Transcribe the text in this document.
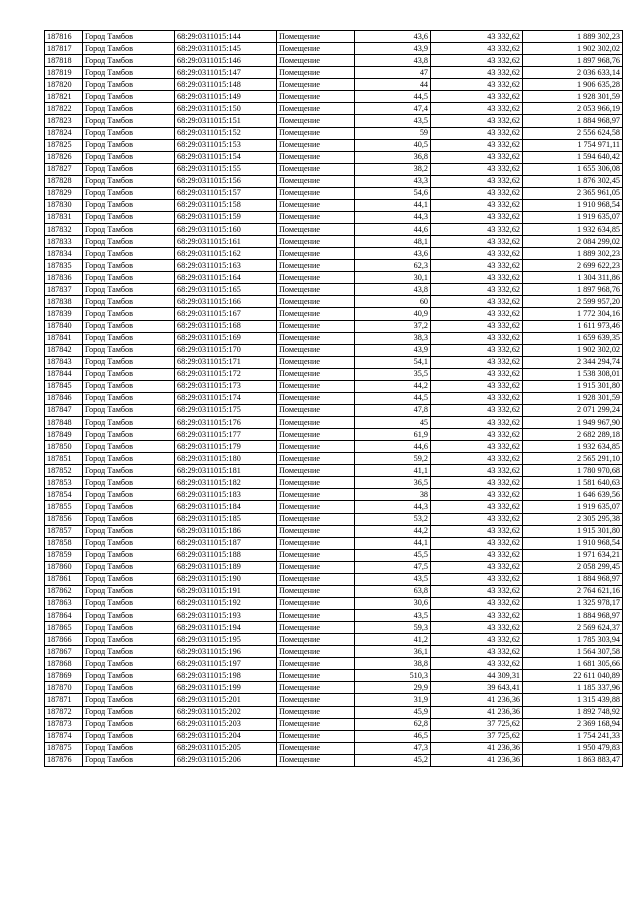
187816	Город Тамбов	68:29:0311015:144	Помещение	43,6	43 332,62	1 889 302,23
187817	Город Тамбов	68:29:0311015:145	Помещение	43,9	43 332,62	1 902 302,02
187818	Город Тамбов	68:29:0311015:146	Помещение	43,8	43 332,62	1 897 968,76
187819	Город Тамбов	68:29:0311015:147	Помещение	47	43 332,62	2 036 633,14
187820	Город Тамбов	68:29:0311015:148	Помещение	44	43 332,62	1 906 635,28
187821	Город Тамбов	68:29:0311015:149	Помещение	44,5	43 332,62	1 928 301,59
187822	Город Тамбов	68:29:0311015:150	Помещение	47,4	43 332,62	2 053 966,19
187823	Город Тамбов	68:29:0311015:151	Помещение	43,5	43 332,62	1 884 968,97
187824	Город Тамбов	68:29:0311015:152	Помещение	59	43 332,62	2 556 624,58
187825	Город Тамбов	68:29:0311015:153	Помещение	40,5	43 332,62	1 754 971,11
187826	Город Тамбов	68:29:0311015:154	Помещение	36,8	43 332,62	1 594 640,42
187827	Город Тамбов	68:29:0311015:155	Помещение	38,2	43 332,62	1 655 306,08
187828	Город Тамбов	68:29:0311015:156	Помещение	43,3	43 332,62	1 876 302,45
187829	Город Тамбов	68:29:0311015:157	Помещение	54,6	43 332,62	2 365 961,05
187830	Город Тамбов	68:29:0311015:158	Помещение	44,1	43 332,62	1 910 968,54
187831	Город Тамбов	68:29:0311015:159	Помещение	44,3	43 332,62	1 919 635,07
187832	Город Тамбов	68:29:0311015:160	Помещение	44,6	43 332,62	1 932 634,85
187833	Город Тамбов	68:29:0311015:161	Помещение	48,1	43 332,62	2 084 299,02
187834	Город Тамбов	68:29:0311015:162	Помещение	43,6	43 332,62	1 889 302,23
187835	Город Тамбов	68:29:0311015:163	Помещение	62,3	43 332,62	2 699 622,23
187836	Город Тамбов	68:29:0311015:164	Помещение	30,1	43 332,62	1 304 311,86
187837	Город Тамбов	68:29:0311015:165	Помещение	43,8	43 332,62	1 897 968,76
187838	Город Тамбов	68:29:0311015:166	Помещение	60	43 332,62	2 599 957,20
187839	Город Тамбов	68:29:0311015:167	Помещение	40,9	43 332,62	1 772 304,16
187840	Город Тамбов	68:29:0311015:168	Помещение	37,2	43 332,62	1 611 973,46
187841	Город Тамбов	68:29:0311015:169	Помещение	38,3	43 332,62	1 659 639,35
187842	Город Тамбов	68:29:0311015:170	Помещение	43,9	43 332,62	1 902 302,02
187843	Город Тамбов	68:29:0311015:171	Помещение	54,1	43 332,62	2 344 294,74
187844	Город Тамбов	68:29:0311015:172	Помещение	35,5	43 332,62	1 538 308,01
187845	Город Тамбов	68:29:0311015:173	Помещение	44,2	43 332,62	1 915 301,80
187846	Город Тамбов	68:29:0311015:174	Помещение	44,5	43 332,62	1 928 301,59
187847	Город Тамбов	68:29:0311015:175	Помещение	47,8	43 332,62	2 071 299,24
187848	Город Тамбов	68:29:0311015:176	Помещение	45	43 332,62	1 949 967,90
187849	Город Тамбов	68:29:0311015:177	Помещение	61,9	43 332,62	2 682 289,18
187850	Город Тамбов	68:29:0311015:179	Помещение	44,6	43 332,62	1 932 634,85
187851	Город Тамбов	68:29:0311015:180	Помещение	59,2	43 332,62	2 565 291,10
187852	Город Тамбов	68:29:0311015:181	Помещение	41,1	43 332,62	1 780 970,68
187853	Город Тамбов	68:29:0311015:182	Помещение	36,5	43 332,62	1 581 640,63
187854	Город Тамбов	68:29:0311015:183	Помещение	38	43 332,62	1 646 639,56
187855	Город Тамбов	68:29:0311015:184	Помещение	44,3	43 332,62	1 919 635,07
187856	Город Тамбов	68:29:0311015:185	Помещение	53,2	43 332,62	2 305 295,38
187857	Город Тамбов	68:29:0311015:186	Помещение	44,2	43 332,62	1 915 301,80
187858	Город Тамбов	68:29:0311015:187	Помещение	44,1	43 332,62	1 910 968,54
187859	Город Тамбов	68:29:0311015:188	Помещение	45,5	43 332,62	1 971 634,21
187860	Город Тамбов	68:29:0311015:189	Помещение	47,5	43 332,62	2 058 299,45
187861	Город Тамбов	68:29:0311015:190	Помещение	43,5	43 332,62	1 884 968,97
187862	Город Тамбов	68:29:0311015:191	Помещение	63,8	43 332,62	2 764 621,16
187863	Город Тамбов	68:29:0311015:192	Помещение	30,6	43 332,62	1 325 978,17
187864	Город Тамбов	68:29:0311015:193	Помещение	43,5	43 332,62	1 884 968,97
187865	Город Тамбов	68:29:0311015:194	Помещение	59,3	43 332,62	2 569 624,37
187866	Город Тамбов	68:29:0311015:195	Помещение	41,2	43 332,62	1 785 303,94
187867	Город Тамбов	68:29:0311015:196	Помещение	36,1	43 332,62	1 564 307,58
187868	Город Тамбов	68:29:0311015:197	Помещение	38,8	43 332,62	1 681 305,66
187869	Город Тамбов	68:29:0311015:198	Помещение	510,3	44 309,31	22 611 040,89
187870	Город Тамбов	68:29:0311015:199	Помещение	29,9	39 643,41	1 185 337,96
187871	Город Тамбов	68:29:0311015:201	Помещение	31,9	41 236,36	1 315 439,88
187872	Город Тамбов	68:29:0311015:202	Помещение	45,9	41 236,36	1 892 748,92
187873	Город Тамбов	68:29:0311015:203	Помещение	62,8	37 725,62	2 369 168,94
187874	Город Тамбов	68:29:0311015:204	Помещение	46,5	37 725,62	1 754 241,33
187875	Город Тамбов	68:29:0311015:205	Помещение	47,3	41 236,36	1 950 479,83
187876	Город Тамбов	68:29:0311015:206	Помещение	45,2	41 236,36	1 863 883,47
